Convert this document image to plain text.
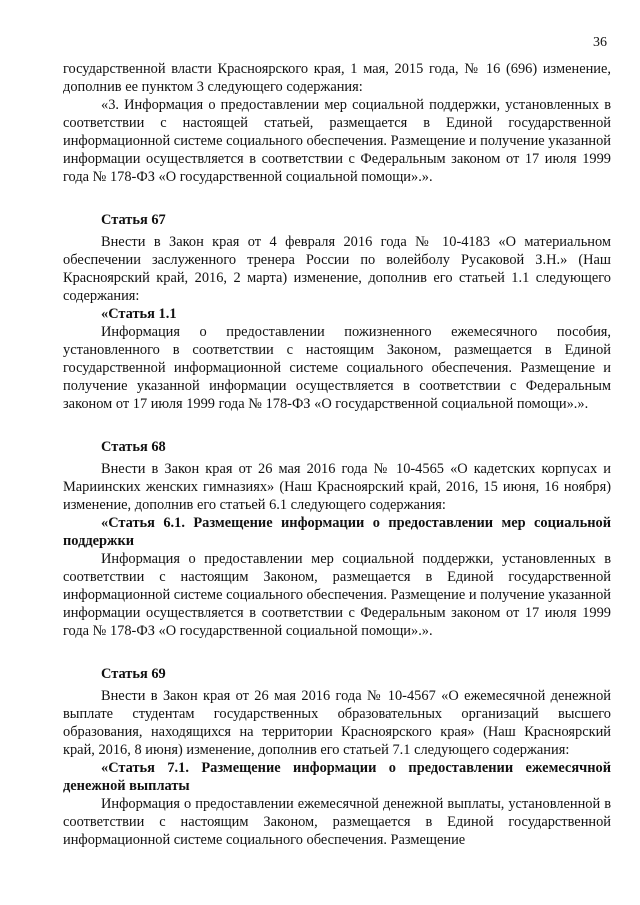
36

государственной власти Красноярского края, 1 мая, 2015 года, № 16 (696) изменение, дополнив ее пунктом 3 следующего содержания:

«3. Информация о предоставлении мер социальной поддержки, установленных в соответствии с настоящей статьей, размещается в Единой государственной информационной системе социального обеспечения. Размещение и получение указанной информации осуществляется в соответствии с Федеральным законом от 17 июля 1999 года № 178-ФЗ «О государственной социальной помощи».».

Статья 67

Внести в Закон края от 4 февраля 2016 года № 10-4183 «О материальном обеспечении заслуженного тренера России по волейболу Русаковой З.Н.» (Наш Красноярский край, 2016, 2 марта) изменение, дополнив его статьей 1.1 следующего содержания:

«Статья 1.1

Информация о предоставлении пожизненного ежемесячного пособия, установленного в соответствии с настоящим Законом, размещается в Единой государственной информационной системе социального обеспечения. Размещение и получение указанной информации осуществляется в соответствии с Федеральным законом от 17 июля 1999 года № 178-ФЗ «О государственной социальной помощи».».

Статья 68

Внести в Закон края от 26 мая 2016 года № 10-4565 «О кадетских корпусах и Мариинских женских гимназиях» (Наш Красноярский край, 2016, 15 июня, 16 ноября) изменение, дополнив его статьей 6.1 следующего содержания:

«Статья 6.1. Размещение информации о предоставлении мер социальной поддержки

Информация о предоставлении мер социальной поддержки, установленных в соответствии с настоящим Законом, размещается в Единой государственной информационной системе социального обеспечения. Размещение и получение указанной информации осуществляется в соответствии с Федеральным законом от 17 июля 1999 года № 178-ФЗ «О государственной социальной помощи».».

Статья 69

Внести в Закон края от 26 мая 2016 года № 10-4567 «О ежемесячной денежной выплате студентам государственных образовательных организаций высшего образования, находящихся на территории Красноярского края» (Наш Красноярский край, 2016, 8 июня) изменение, дополнив его статьей 7.1 следующего содержания:

«Статья 7.1. Размещение информации о предоставлении ежемесячной денежной выплаты

Информация о предоставлении ежемесячной денежной выплаты, установленной в соответствии с настоящим Законом, размещается в Единой государственной информационной системе социального обеспечения. Размещение
